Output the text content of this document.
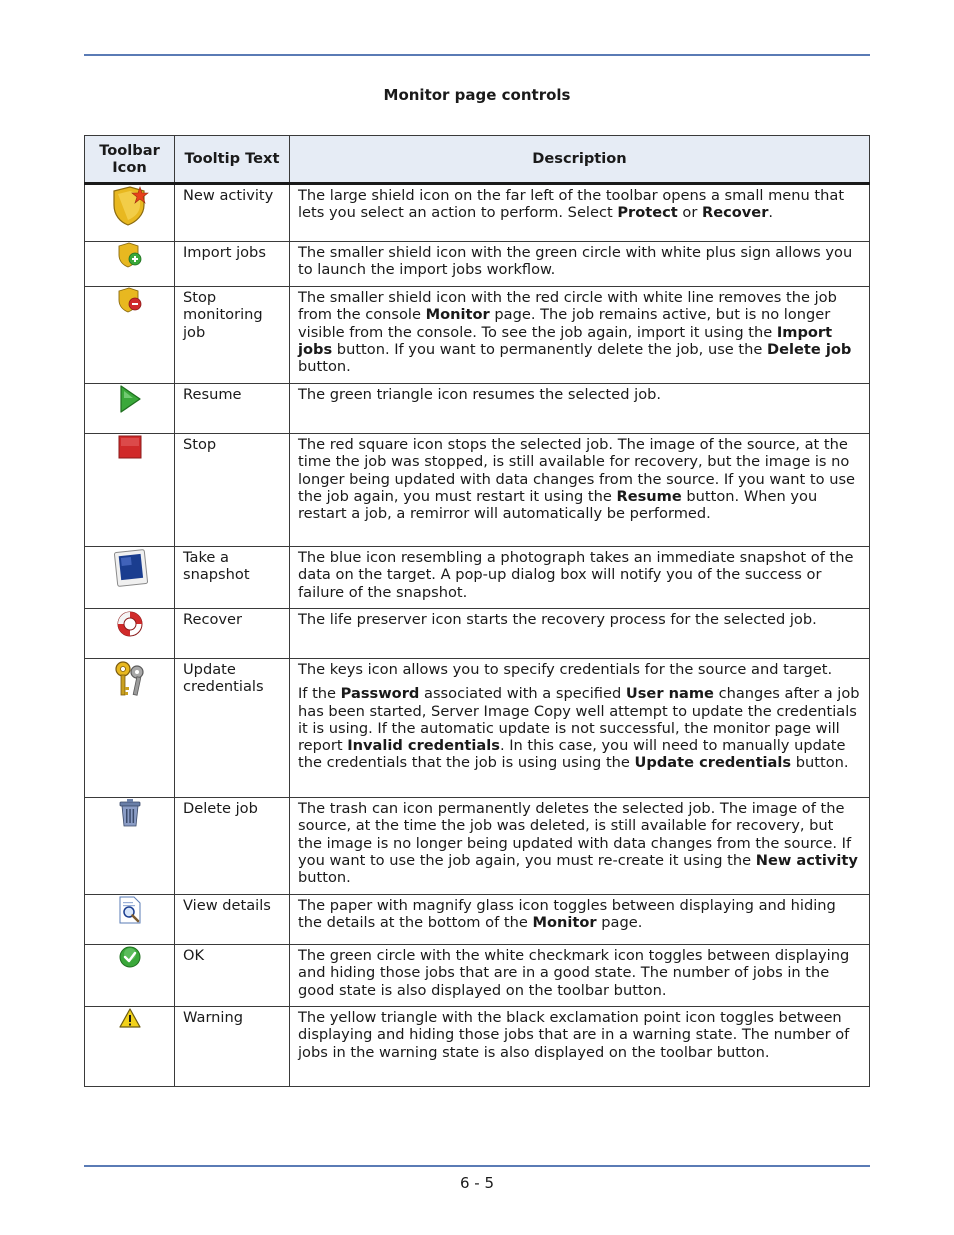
Monitor page controls
Toolbar Icon	Tooltip Text	Description
	New activity	The large shield icon on the far left of the toolbar opens a small menu that lets you select an action to perform. Select Protect or Recover.

	Import jobs	The smaller shield icon with the green circle with white plus sign allows you to launch the import jobs workflow.

	Stop monitoring job	The smaller shield icon with the red circle with white line removes the job from the console Monitor page. The job remains active, but is no longer visible from the console. To see the job again, import it using the Import jobs button. If you want to permanently delete the job, use the Delete job button.

	Resume	The green triangle icon resumes the selected job.

	Stop	The red square icon stops the selected job. The image of the source, at the time the job was stopped, is still available for recovery, but the image is no longer being updated with data changes from the source. If you want to use the job again, you must restart it using the Resume button. When you restart a job, a remirror will automatically be performed.

	Take a snapshot	The blue icon resembling a photograph takes an immediate snapshot of the data on the target. A pop-up dialog box will notify you of the success or failure of the snapshot.

	Recover	The life preserver icon starts the recovery process for the selected job.

	Update credentials	The keys icon allows you to specify credentials for the source and target.

If the Password associated with a specified User name changes after a job has been started, Server Image Copy well attempt to update the credentials it is using. If the automatic update is not successful, the monitor page will report Invalid credentials. In this case, you will need to manually update the credentials that the job is using using the Update credentials button.

	Delete job	The trash can icon permanently deletes the selected job. The image of the source, at the time the job was deleted, is still available for recovery, but the image is no longer being updated with data changes from the source. If you want to use the job again, you must re-create it using the New activity button.

	View details	The paper with magnify glass icon toggles between displaying and hiding the details at the bottom of the Monitor page.

	OK	The green circle with the white checkmark icon toggles between displaying and hiding those jobs that are in a good state. The number of jobs in the good state is also displayed on the toolbar button.

	Warning	The yellow triangle with the black exclamation point icon toggles between displaying and hiding those jobs that are in a warning state. The number of jobs in the warning state is also displayed on the toolbar button.

6 - 5
